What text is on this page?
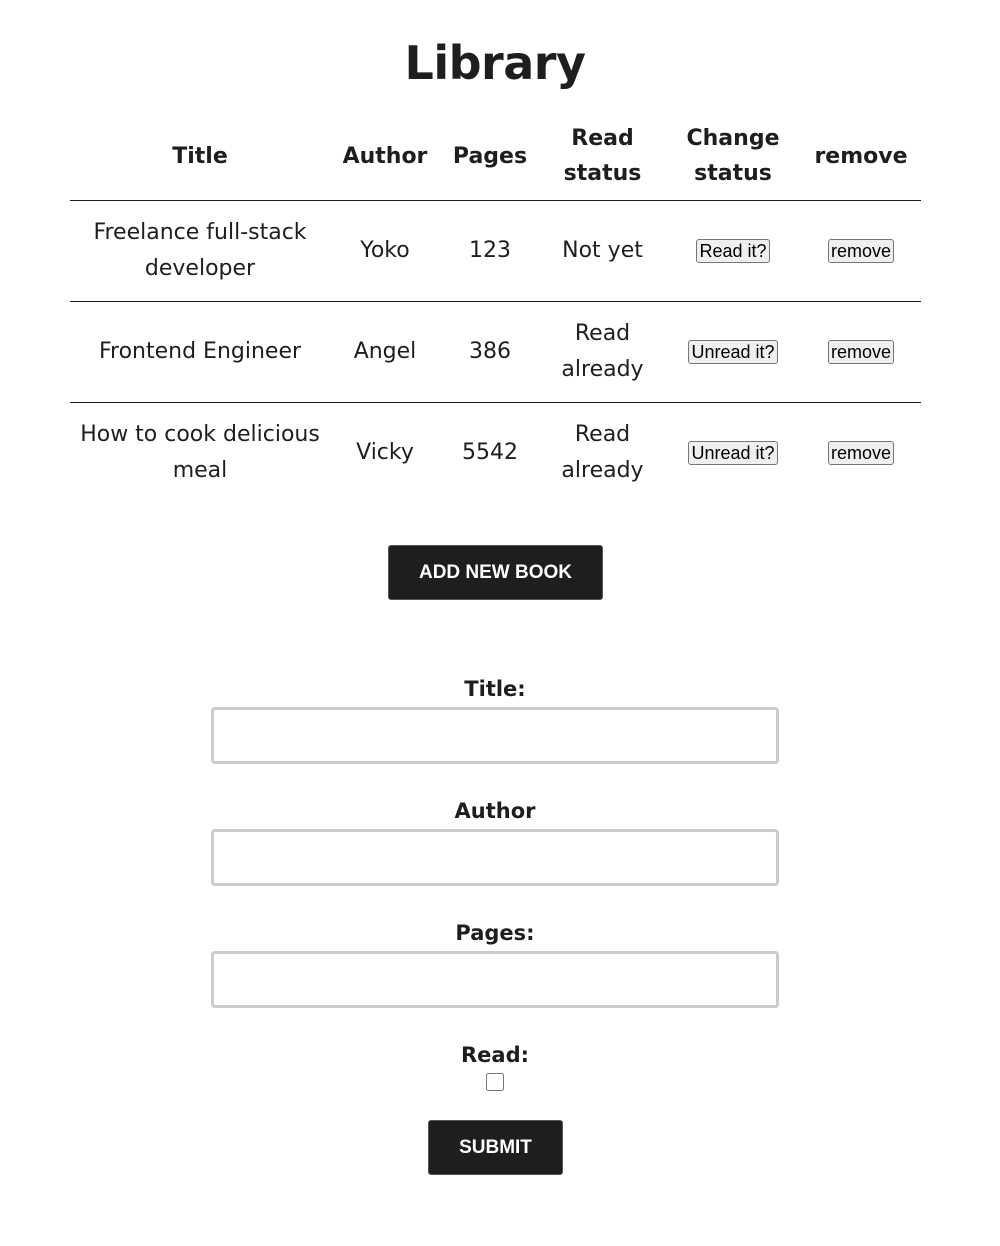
Library
Title	Author	Pages	Read status	Change status	remove
Freelance full-stack developer	Yoko	123	Not yet	Read it?	remove
Frontend Engineer	Angel	386	Read already	Unread it?	remove
How to cook delicious meal	Vicky	5542	Read already	Unread it?	remove
ADD NEW BOOK
Title:
Author
Pages:
Read:
SUBMIT
